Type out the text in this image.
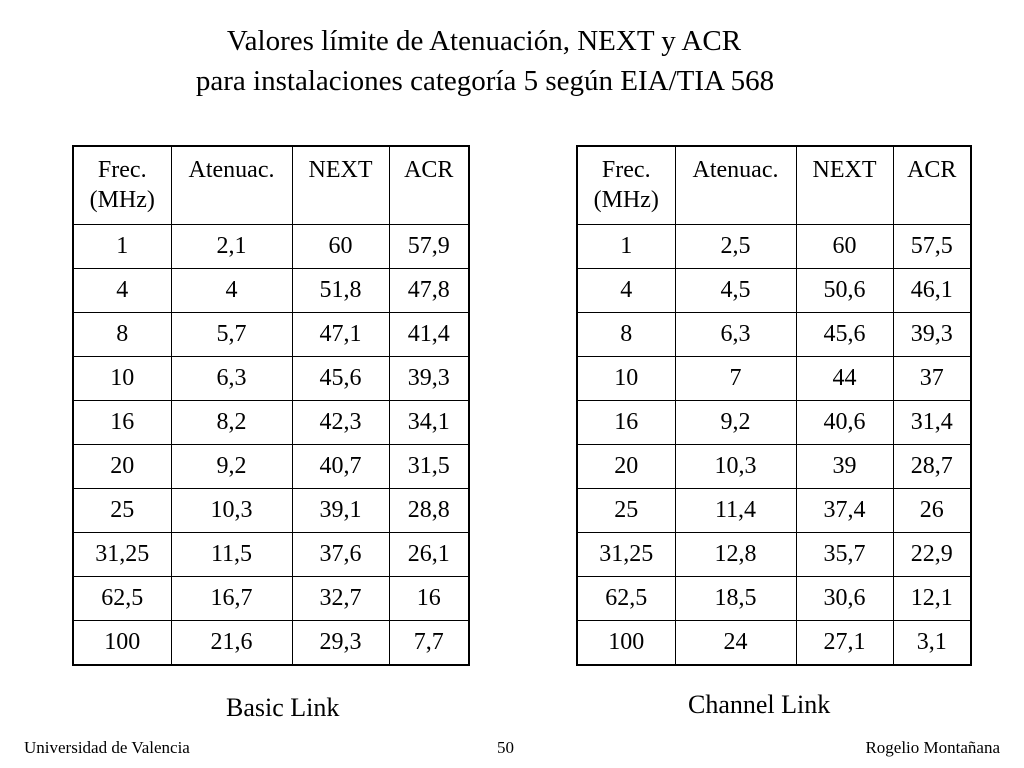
Valores límite de Atenuación, NEXT y ACR
para instalaciones categoría 5 según EIA/TIA 568
Frec. (MHz)	Atenuac.	NEXT	ACR
1	2,1	60	57,9
4	4	51,8	47,8
8	5,7	47,1	41,4
10	6,3	45,6	39,3
16	8,2	42,3	34,1
20	9,2	40,7	31,5
25	10,3	39,1	28,8
31,25	11,5	37,6	26,1
62,5	16,7	32,7	16
100	21,6	29,3	7,7
Frec. (MHz)	Atenuac.	NEXT	ACR
1	2,5	60	57,5
4	4,5	50,6	46,1
8	6,3	45,6	39,3
10	7	44	37
16	9,2	40,6	31,4
20	10,3	39	28,7
25	11,4	37,4	26
31,25	12,8	35,7	22,9
62,5	18,5	30,6	12,1
100	24	27,1	3,1
Basic Link	Channel Link
Universidad de Valencia	50	Rogelio Montañana
